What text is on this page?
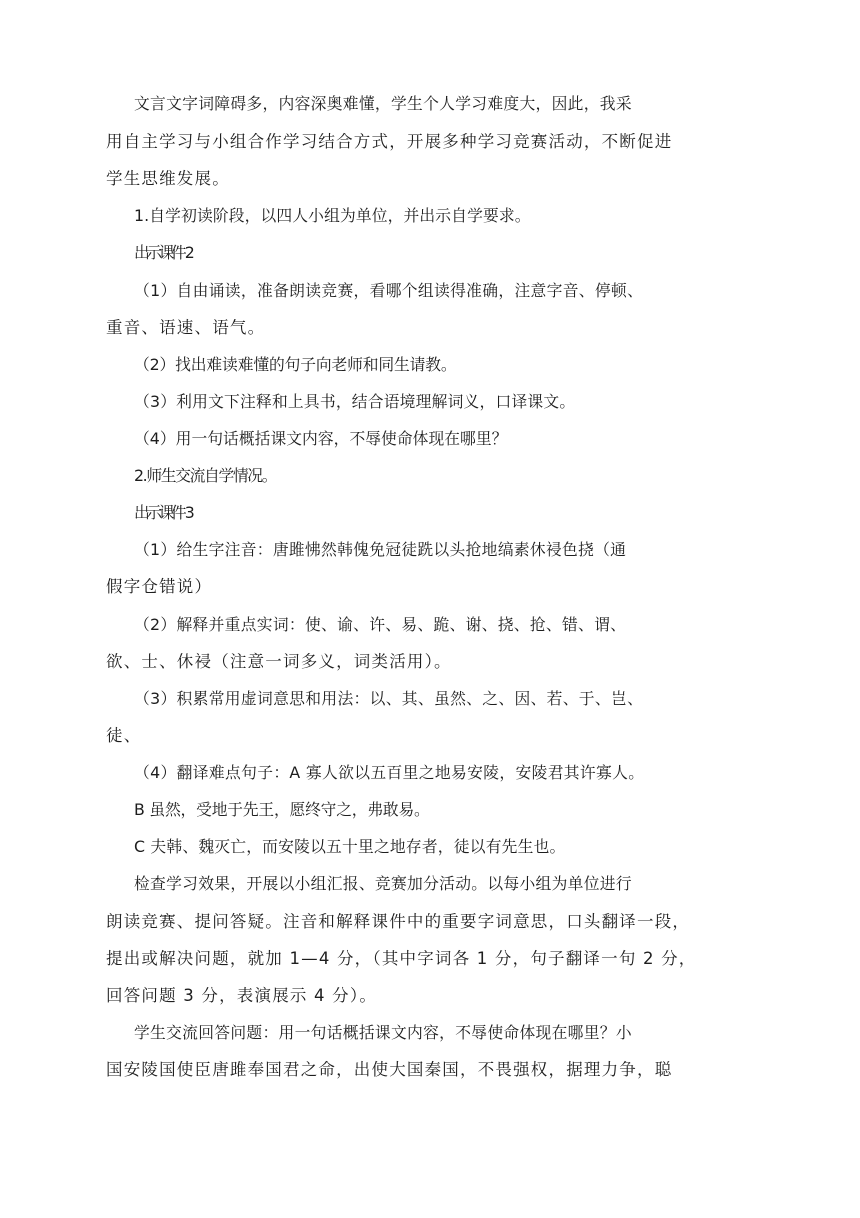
文言文字词障碍多，内容深奥难懂，学生个人学习难度大，因此，我采
用自主学习与小组合作学习结合方式，开展多种学习竞赛活动，不断促进
学生思维发展。
1.自学初读阶段，以四人小组为单位，并出示自学要求。
出示课件 2
（1）自由诵读，准备朗读竞赛，看哪个组读得准确，注意字音、停顿、
重音、语速、语气。
（2）找出难读难懂的句子向老师和同生请教。
（3）利用文下注释和上具书，结合语境理解词义，口译课文。
（4）用一句话概括课文内容，不辱使命体现在哪里？
2.师生交流自学情况。
出示课件 3
（1）给生字注音：唐雎怫然韩傀免冠徒跣以头抢地缟素休祲色挠（通
假字仓错说）
（2）解释并重点实词：使、谕、许、易、跪、谢、挠、抢、错、谓、
欲、士、休祲（注意一词多义，词类活用）。
（3）积累常用虚词意思和用法：以、其、虽然、之、因、若、于、岂、
徒、
（4）翻译难点句子：A 寡人欲以五百里之地易安陵，安陵君其许寡人。
B 虽然，受地于先王，愿终守之，弗敢易。
C 夫韩、魏灭亡，而安陵以五十里之地存者，徒以有先生也。
检查学习效果，开展以小组汇报、竞赛加分活动。以每小组为单位进行
朗读竞赛、提问答疑。注音和解释课件中的重要字词意思，口头翻译一段，
提出或解决问题，就加 1—4 分，（其中字词各 1 分，句子翻译一句 2 分，
回答问题 3 分，表演展示 4 分）。
学生交流回答问题：用一句话概括课文内容，不辱使命体现在哪里？小
国安陵国使臣唐雎奉国君之命，出使大国秦国，不畏强权，据理力争，聪
